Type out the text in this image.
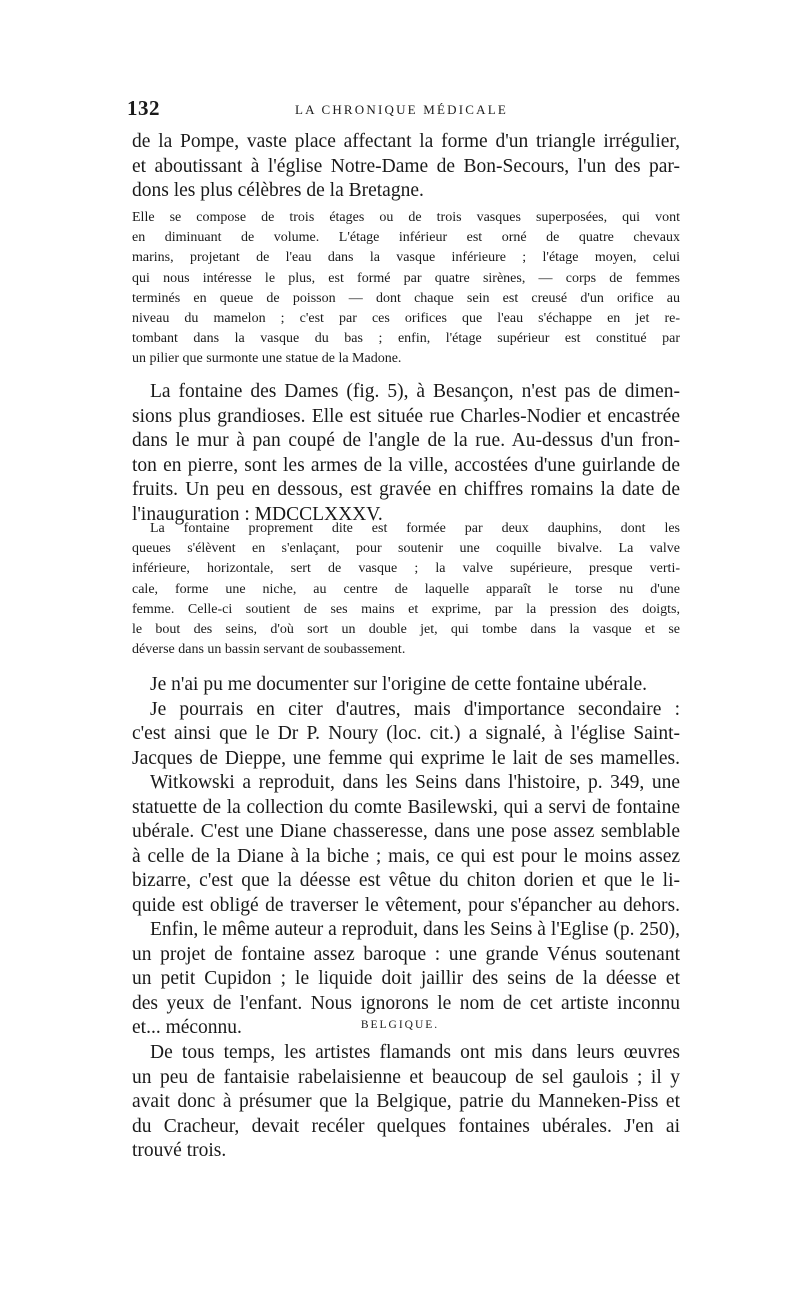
132	LA CHRONIQUE MÉDICALE
de la Pompe, vaste place affectant la forme d'un triangle irrégulier,
et aboutissant à l'église Notre-Dame de Bon-Secours, l'un des par-
dons les plus célèbres de la Bretagne.
Elle se compose de trois étages ou de trois vasques superposées, qui vont
en diminuant de volume. L'étage inférieur est orné de quatre chevaux
marins, projetant de l'eau dans la vasque inférieure ; l'étage moyen, celui
qui nous intéresse le plus, est formé par quatre sirènes, — corps de femmes
terminés en queue de poisson — dont chaque sein est creusé d'un orifice au
niveau du mamelon ; c'est par ces orifices que l'eau s'échappe en jet re-
tombant dans la vasque du bas ; enfin, l'étage supérieur est constitué par
un pilier que surmonte une statue de la Madone.
La fontaine des Dames (fig. 5), à Besançon, n'est pas de dimen-
sions plus grandioses. Elle est située rue Charles-Nodier et encastrée
dans le mur à pan coupé de l'angle de la rue. Au-dessus d'un fron-
ton en pierre, sont les armes de la ville, accostées d'une guirlande de
fruits. Un peu en dessous, est gravée en chiffres romains la date de
l'inauguration : MDCCLXXXV.
La fontaine proprement dite est formée par deux dauphins, dont les
queues s'élèvent en s'enlaçant, pour soutenir une coquille bivalve. La valve
inférieure, horizontale, sert de vasque ; la valve supérieure, presque verti-
cale, forme une niche, au centre de laquelle apparaît le torse nu d'une
femme. Celle-ci soutient de ses mains et exprime, par la pression des doigts,
le bout des seins, d'où sort un double jet, qui tombe dans la vasque et se
déverse dans un bassin servant de soubassement.
Je n'ai pu me documenter sur l'origine de cette fontaine ubérale.
Je pourrais en citer d'autres, mais d'importance secondaire :
c'est ainsi que le Dr P. Noury (loc. cit.) a signalé, à l'église Saint-
Jacques de Dieppe, une femme qui exprime le lait de ses mamelles.
Witkowski a reproduit, dans les Seins dans l'histoire, p. 349, une
statuette de la collection du comte Basilewski, qui a servi de fontaine
ubérale. C'est une Diane chasseresse, dans une pose assez semblable
à celle de la Diane à la biche ; mais, ce qui est pour le moins assez
bizarre, c'est que la déesse est vêtue du chiton dorien et que le li-
quide est obligé de traverser le vêtement, pour s'épancher au dehors.
Enfin, le même auteur a reproduit, dans les Seins à l'Eglise (p. 250),
un projet de fontaine assez baroque : une grande Vénus soutenant
un petit Cupidon ; le liquide doit jaillir des seins de la déesse et
des yeux de l'enfant. Nous ignorons le nom de cet artiste inconnu
et... méconnu.	BELGIQUE.
De tous temps, les artistes flamands ont mis dans leurs œuvres
un peu de fantaisie rabelaisienne et beaucoup de sel gaulois ; il y
avait donc à présumer que la Belgique, patrie du Manneken-Piss et
du Cracheur, devait recéler quelques fontaines ubérales. J'en ai
trouvé trois.
